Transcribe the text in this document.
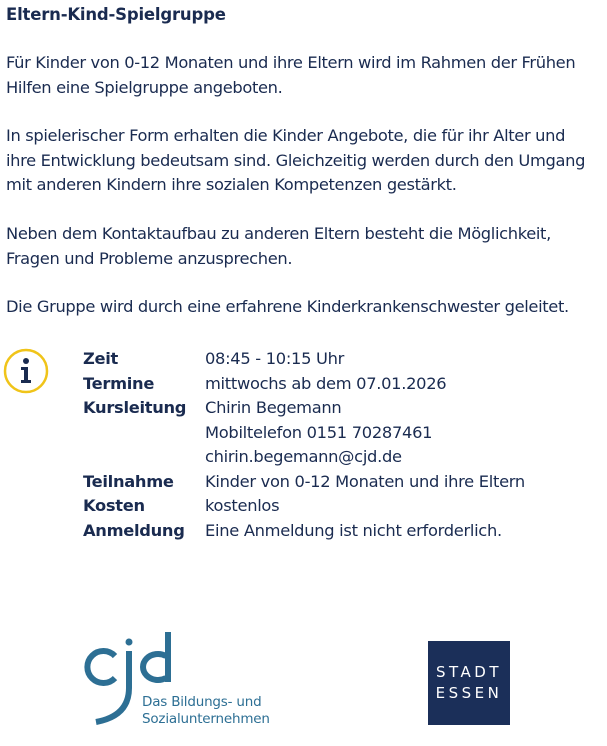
Eltern-Kind-Spielgruppe

Für Kinder von 0-12 Monaten und ihre Eltern wird im Rahmen der Frühen
Hilfen eine Spielgruppe angeboten.

In spielerischer Form erhalten die Kinder Angebote, die für ihr Alter und
ihre Entwicklung bedeutsam sind. Gleichzeitig werden durch den Umgang
mit anderen Kindern ihre sozialen Kompetenzen gestärkt.

Neben dem Kontaktaufbau zu anderen Eltern besteht die Möglichkeit,
Fragen und Probleme anzusprechen.

Die Gruppe wird durch eine erfahrene Kinderkrankenschwester geleitet.

Zeit	08:45 - 10:15 Uhr
Termine	mittwochs ab dem 07.01.2026
Kursleitung	Chirin Begemann
Mobiltelefon 0151 70287461
chirin.begemann@cjd.de
Teilnahme	Kinder von 0-12 Monaten und ihre Eltern
Kosten	kostenlos
Anmeldung	Eine Anmeldung ist nicht erforderlich.
Das Bildungs- und
Sozialunternehmen
STADT
ESSEN
